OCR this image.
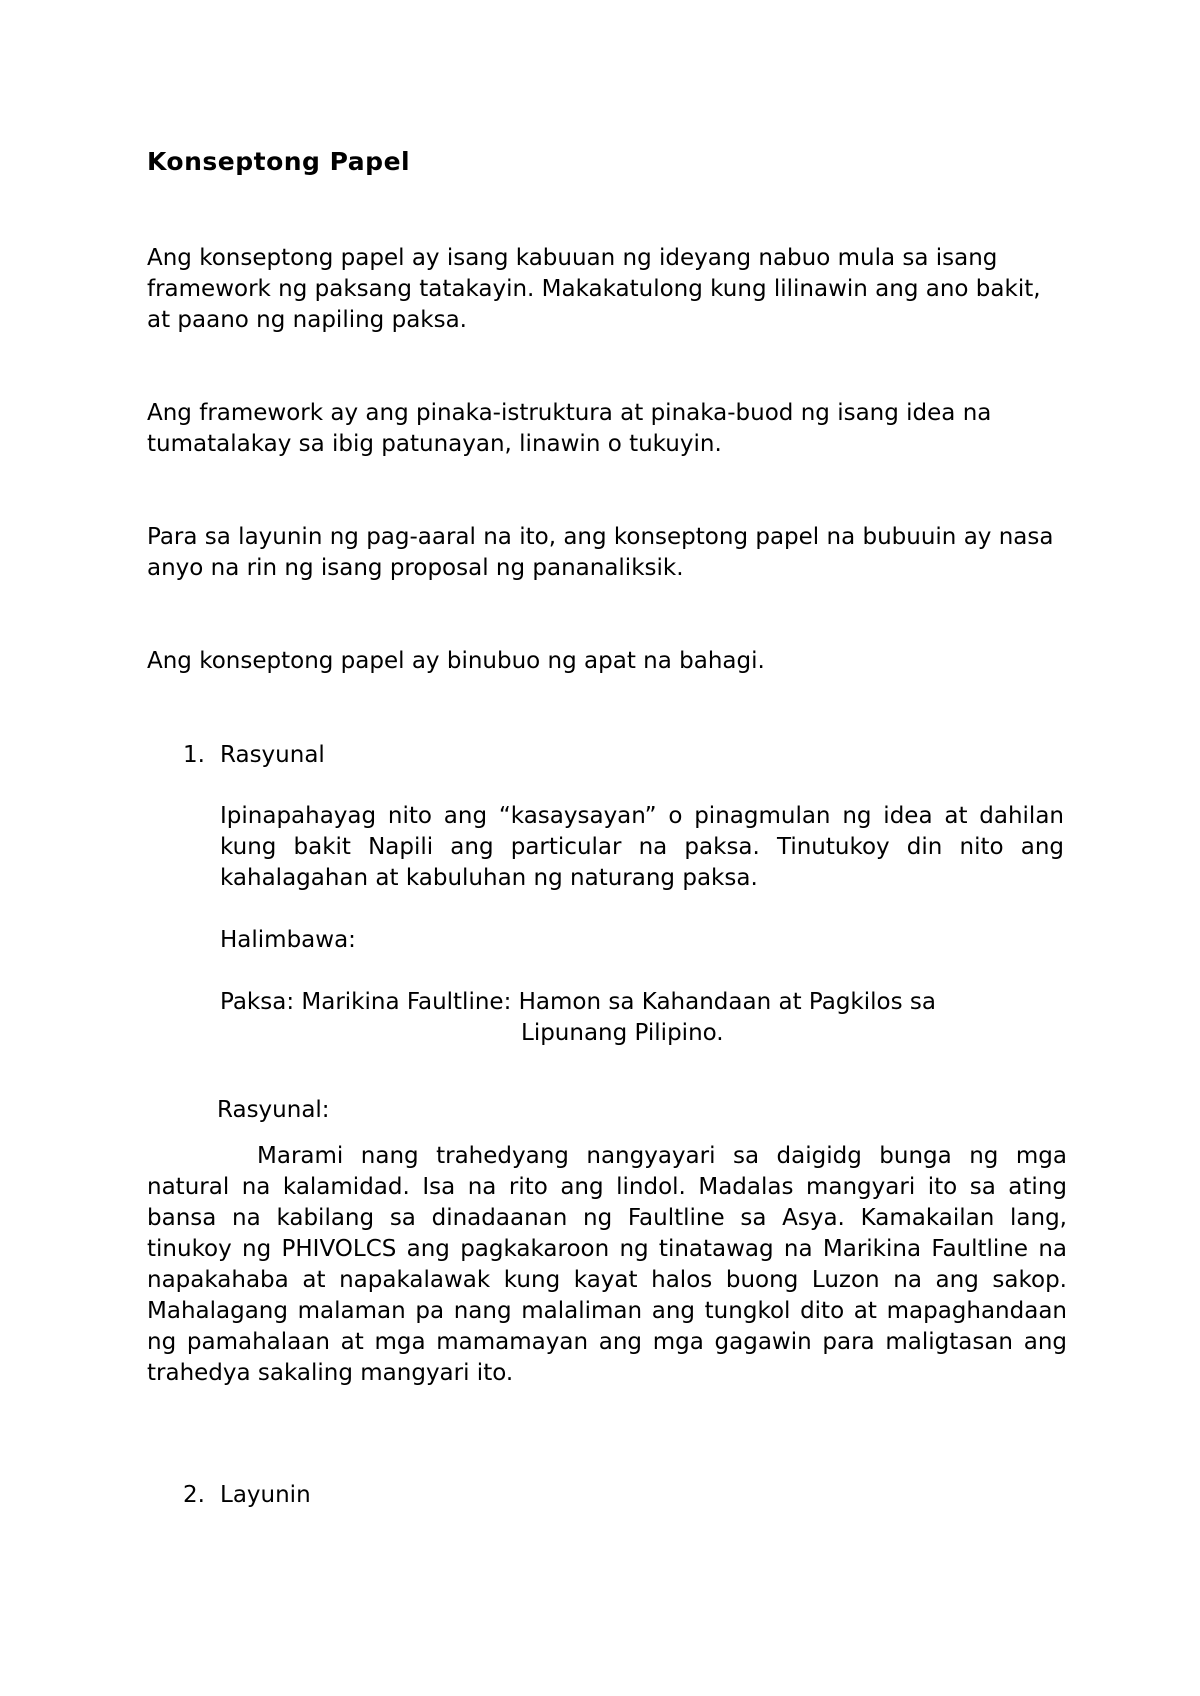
Konseptong Papel

Ang konseptong papel ay isang kabuuan ng ideyang nabuo mula sa isang framework ng paksang tatakayin. Makakatulong kung lilinawin ang ano bakit, at paano ng napiling paksa.

Ang framework ay ang pinaka-istruktura at pinaka-buod ng isang idea na tumatalakay sa ibig patunayan, linawin o tukuyin.

Para sa layunin ng pag-aaral na ito, ang konseptong papel na bubuuin ay nasa anyo na rin ng isang proposal ng pananaliksik.

Ang konseptong papel ay binubuo ng apat na bahagi.

1. Rasyunal

Ipinapahayag nito ang “kasaysayan” o pinagmulan ng idea at dahilan kung bakit Napili ang particular na paksa. Tinutukoy din nito ang kahalagahan at kabuluhan ng naturang paksa.

Halimbawa:

Paksa: Marikina Faultline: Hamon sa Kahandaan at Pagkilos sa

Lipunang Pilipino.

Rasyunal:

Marami nang trahedyang nangyayari sa daigidg bunga ng mga natural na kalamidad. Isa na rito ang lindol. Madalas mangyari ito sa ating bansa na kabilang sa dinadaanan ng Faultline sa Asya. Kamakailan lang, tinukoy ng PHIVOLCS ang pagkakaroon ng tinatawag na Marikina Faultline na napakahaba at napakalawak kung kayat halos buong Luzon na ang sakop. Mahalagang malaman pa nang malaliman ang tungkol dito at mapaghandaan ng pamahalaan at mga mamamayan ang mga gagawin para maligtasan ang trahedya sakaling mangyari ito.

2. Layunin
